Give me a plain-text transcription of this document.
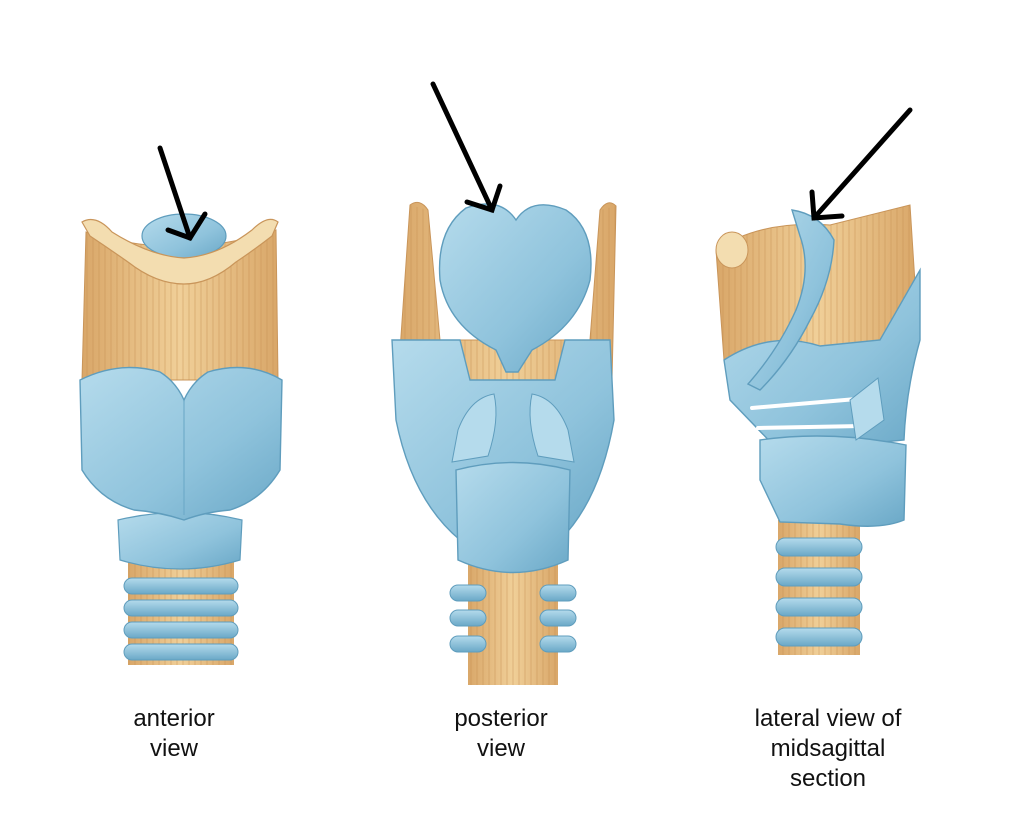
anterior
view
posterior
view
lateral view of
midsagittal
section
